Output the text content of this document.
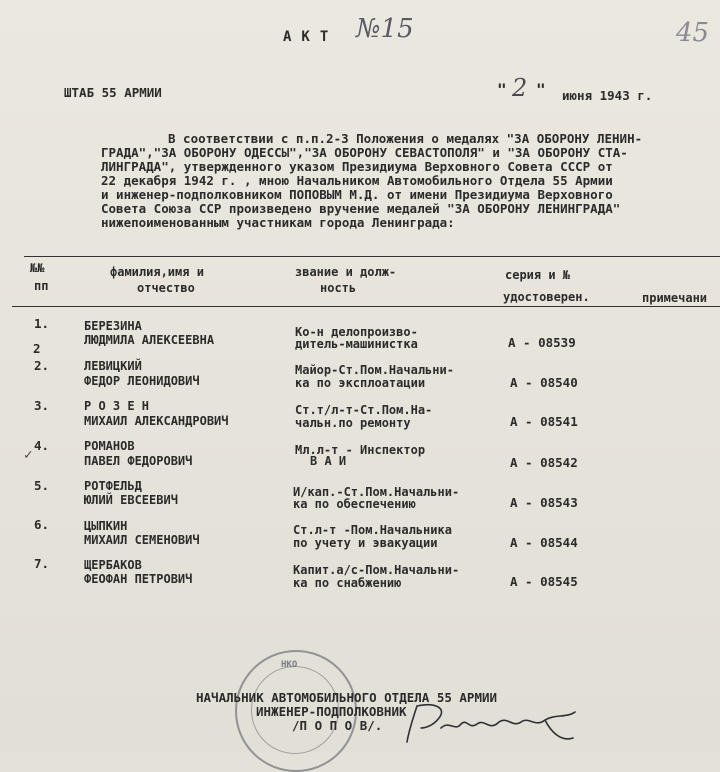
45
АКТ №15
ШТАБ 55 АРМИИ	" 2 " июня 1943 г.
В соответствии с п.п.2-3 Положения о медалях "ЗА ОБОРОНУ ЛЕНИН-
ГРАДА","ЗА ОБОРОНУ ОДЕССЫ","ЗА ОБОРОНУ СЕВАСТОПОЛЯ" и "ЗА ОБОРОНУ СТА-
ЛИНГРАДА", утвержденного указом Президиума Верховного Совета СССР от
22 декабря 1942 г. , мною Начальником Автомобильного Отдела 55 Армии
и инженер-подполковником ПОПОВЫМ М.Д. от имени Президиума Верховного
Совета Союза ССР произведено вручение медалей "ЗА ОБОРОНУ ЛЕНИНГРАДА"
нижепоименованным участникам города Ленинграда:
№№
пп
фамилия,имя и
отчество
звание и долж-
ность
серия и №
удостоверен.	примечани
1.	БЕРЕЗИНА
ЛЮДМИЛА АЛЕКСЕЕВНА
Ко-н делопроизво-
дитель-машинистка	А - 08539
2
2.	ЛЕВИЦКИЙ
ФЕДОР ЛЕОНИДОВИЧ
Майор-Ст.Пом.Начальни-
ка по эксплоатации	А - 08540
3.	Р О З Е Н
МИХАИЛ АЛЕКСАНДРОВИЧ
Ст.т/л-т-Ст.Пом.На-
чальн.по ремонту	А - 08541
✓
4.	РОМАНОВ
ПАВЕЛ ФЕДОРОВИЧ
Мл.л-т - Инспектор
В А И	А - 08542
5.	РОТФЕЛЬД
ЮЛИЙ ЕВСЕЕВИЧ
И/кап.-Ст.Пом.Начальни-
ка по обеспечению	А - 08543
6.	ЦЫПКИН
МИХАИЛ СЕМЕНОВИЧ
Ст.л-т -Пом.Начальника
по учету и эвакуации	А - 08544
7.	ЩЕРБАКОВ
ФЕОФАН ПЕТРОВИЧ
Капит.а/с-Пом.Начальни-
ка по снабжению	А - 08545
НКО
НАЧАЛЬНИК АВТОМОБИЛЬНОГО ОТДЕЛА 55 АРМИИ
ИНЖЕНЕР-ПОДПОЛКОВНИК
/П О П О В/.
